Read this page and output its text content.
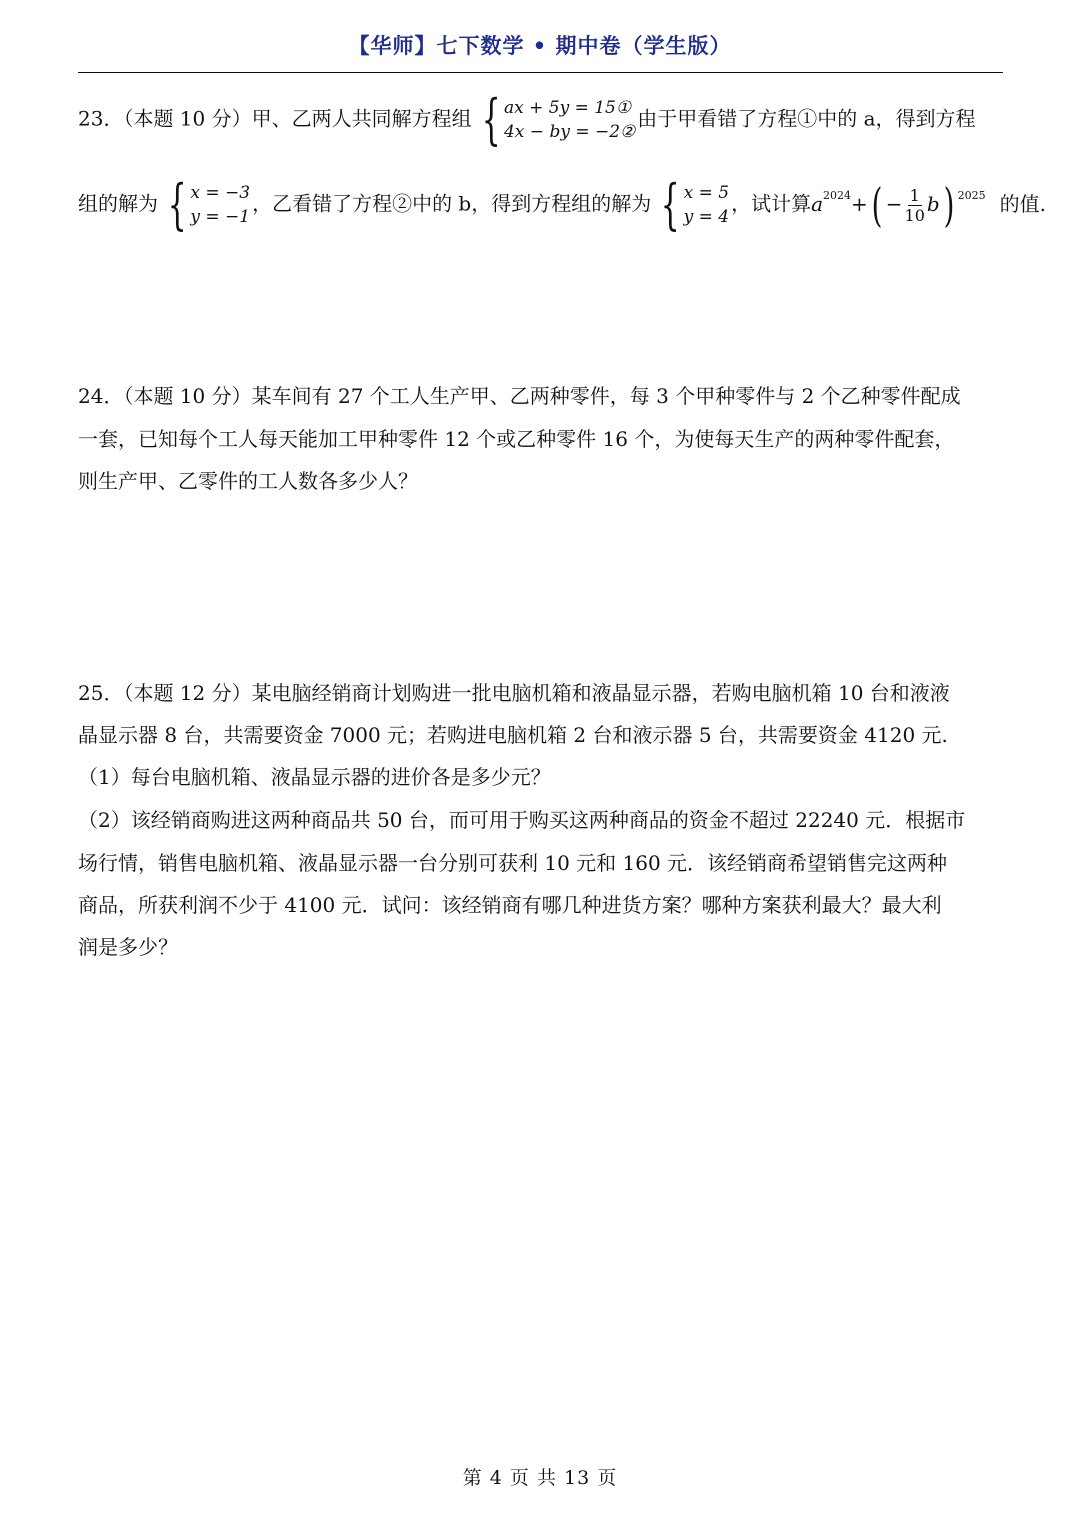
【华师】七下数学 • 期中卷（学生版）
23．（本题 10 分）甲、乙两人共同解方程组 { ax + 5y = 15①
4x − by = −2②
由于甲看错了方程①中的 a，得到方程
组的解为 { x = −3
y = −1
，乙看错了方程②中的 b，得到方程组的解为 { x = 5
y = 4
，试计算$a^{2024}+( - \frac{1}{10} b)$ $^{2025}$ 的值.
24．（本题 10 分）某车间有 27 个工人生产甲、乙两种零件，每 3 个甲种零件与 2 个乙种零件配成
一套，已知每个工人每天能加工甲种零件 12 个或乙种零件 16 个，为使每天生产的两种零件配套，
则生产甲、乙零件的工人数各多少人？
25．（本题 12 分）某电脑经销商计划购进一批电脑机箱和液晶显示器，若购电脑机箱 10 台和液液
晶显示器 8 台，共需要资金 7000 元；若购进电脑机箱 2 台和液示器 5 台，共需要资金 4120 元.
（1）每台电脑机箱、液晶显示器的进价各是多少元？
（2）该经销商购进这两种商品共 50 台，而可用于购买这两种商品的资金不超过 22240 元．根据市
场行情，销售电脑机箱、液晶显示器一台分别可获利 10 元和 160 元．该经销商希望销售完这两种
商品，所获利润不少于 4100 元．试问：该经销商有哪几种进货方案？哪种方案获利最大？最大利
润是多少？
第 4 页 共 13 页
